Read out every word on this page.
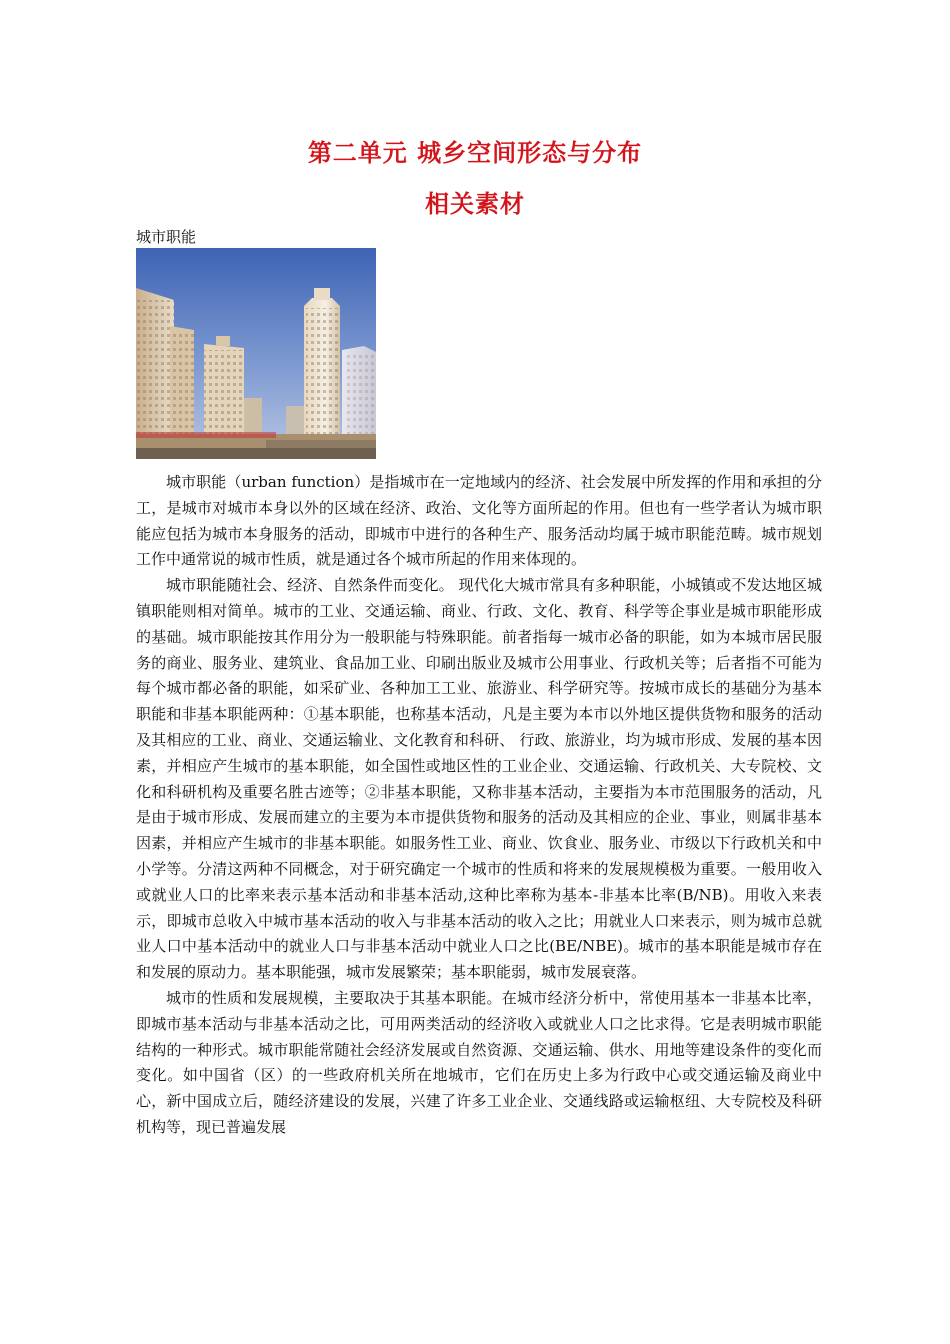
第二单元 城乡空间形态与分布
相关素材
城市职能

城市职能（urban function）是指城市在一定地域内的经济、社会发展中所发挥的作用和承担的分工，是城市对城市本身以外的区域在经济、政治、文化等方面所起的作用。但也有一些学者认为城市职能应包括为城市本身服务的活动，即城市中进行的各种生产、服务活动均属于城市职能范畴。城市规划工作中通常说的城市性质，就是通过各个城市所起的作用来体现的。

城市职能随社会、经济、自然条件而变化。 现代化大城市常具有多种职能，小城镇或不发达地区城镇职能则相对简单。城市的工业、交通运输、商业、行政、文化、教育、科学等企事业是城市职能形成的基础。城市职能按其作用分为一般职能与特殊职能。前者指每一城市必备的职能，如为本城市居民服务的商业、服务业、建筑业、食品加工业、印刷出版业及城市公用事业、行政机关等；后者指不可能为每个城市都必备的职能，如采矿业、各种加工工业、旅游业、科学研究等。按城市成长的基础分为基本职能和非基本职能两种：①基本职能，也称基本活动，凡是主要为本市以外地区提供货物和服务的活动及其相应的工业、商业、交通运输业、文化教育和科研、 行政、旅游业，均为城市形成、发展的基本因素，并相应产生城市的基本职能，如全国性或地区性的工业企业、交通运输、行政机关、大专院校、文化和科研机构及重要名胜古迹等；②非基本职能，又称非基本活动，主要指为本市范围服务的活动，凡是由于城市形成、发展而建立的主要为本市提供货物和服务的活动及其相应的企业、事业，则属非基本因素，并相应产生城市的非基本职能。如服务性工业、商业、饮食业、服务业、市级以下行政机关和中小学等。分清这两种不同概念，对于研究确定一个城市的性质和将来的发展规模极为重要。一般用收入或就业人口的比率来表示基本活动和非基本活动,这种比率称为基本-非基本比率(B/NB)。用收入来表示，即城市总收入中城市基本活动的收入与非基本活动的收入之比；用就业人口来表示，则为城市总就业人口中基本活动中的就业人口与非基本活动中就业人口之比(BE/NBE)。城市的基本职能是城市存在和发展的原动力。基本职能强，城市发展繁荣；基本职能弱，城市发展衰落。

城市的性质和发展规模，主要取决于其基本职能。在城市经济分析中，常使用基本一非基本比率，即城市基本活动与非基本活动之比，可用两类活动的经济收入或就业人口之比求得。它是表明城市职能结构的一种形式。城市职能常随社会经济发展或自然资源、交通运输、供水、用地等建设条件的变化而变化。如中国省（区）的一些政府机关所在地城市，它们在历史上多为行政中心或交通运输及商业中心，新中国成立后，随经济建设的发展，兴建了许多工业企业、交通线路或运输枢纽、大专院校及科研机构等，现已普遍发展
